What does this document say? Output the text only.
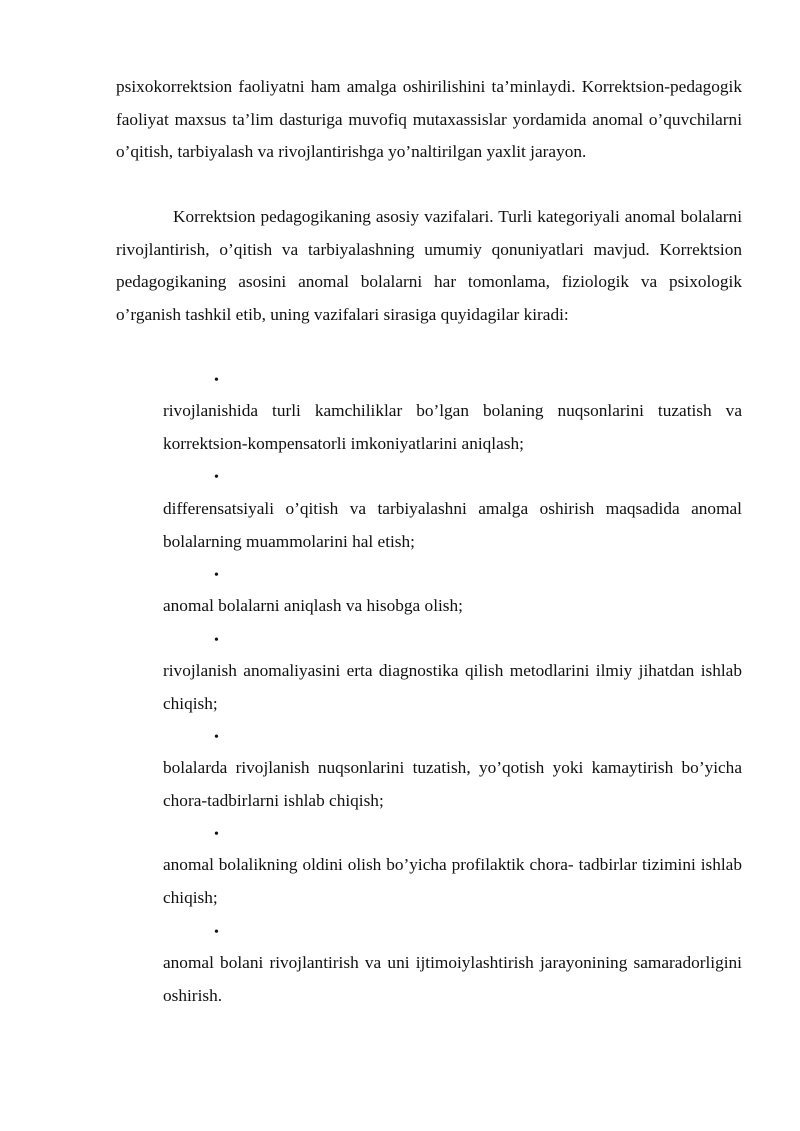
psixokorrektsion faoliyatni ham amalga oshirilishini ta’minlaydi. Korrektsion-pedagogik faoliyat maxsus ta’lim dasturiga muvofiq mutaxassislar yordamida anomal o’quvchilarni o’qitish, tarbiyalash va rivojlantirishga yo’naltirilgan yaxlit jarayon.

Korrektsion pedagogikaning asosiy vazifalari. Turli kategoriyali anomal bolalarni rivojlantirish, o’qitish va tarbiyalashning umumiy qonuniyatlari mavjud. Korrektsion pedagogikaning asosini anomal bolalarni har tomonlama, fiziologik va psixologik o’rganish tashkil etib, uning vazifalari sirasiga quyidagilar kiradi:

•

rivojlanishida turli kamchiliklar bo’lgan bolaning nuqsonlarini tuzatish va korrektsion-kompensatorli imkoniyatlarini aniqlash;

•

differensatsiyali o’qitish va tarbiyalashni amalga oshirish maqsadida anomal bolalarning muammolarini hal etish;

•

anomal bolalarni aniqlash va hisobga olish;

•

rivojlanish anomaliyasini erta diagnostika qilish metodlarini ilmiy jihatdan ishlab chiqish;

•

bolalarda rivojlanish nuqsonlarini tuzatish, yo’qotish yoki kamaytirish bo’yicha chora-tadbirlarni ishlab chiqish;

•

anomal bolalikning oldini olish bo’yicha profilaktik chora- tadbirlar tizimini ishlab chiqish;

•

anomal bolani rivojlantirish va uni ijtimoiylashtirish jarayonining samaradorligini oshirish.
